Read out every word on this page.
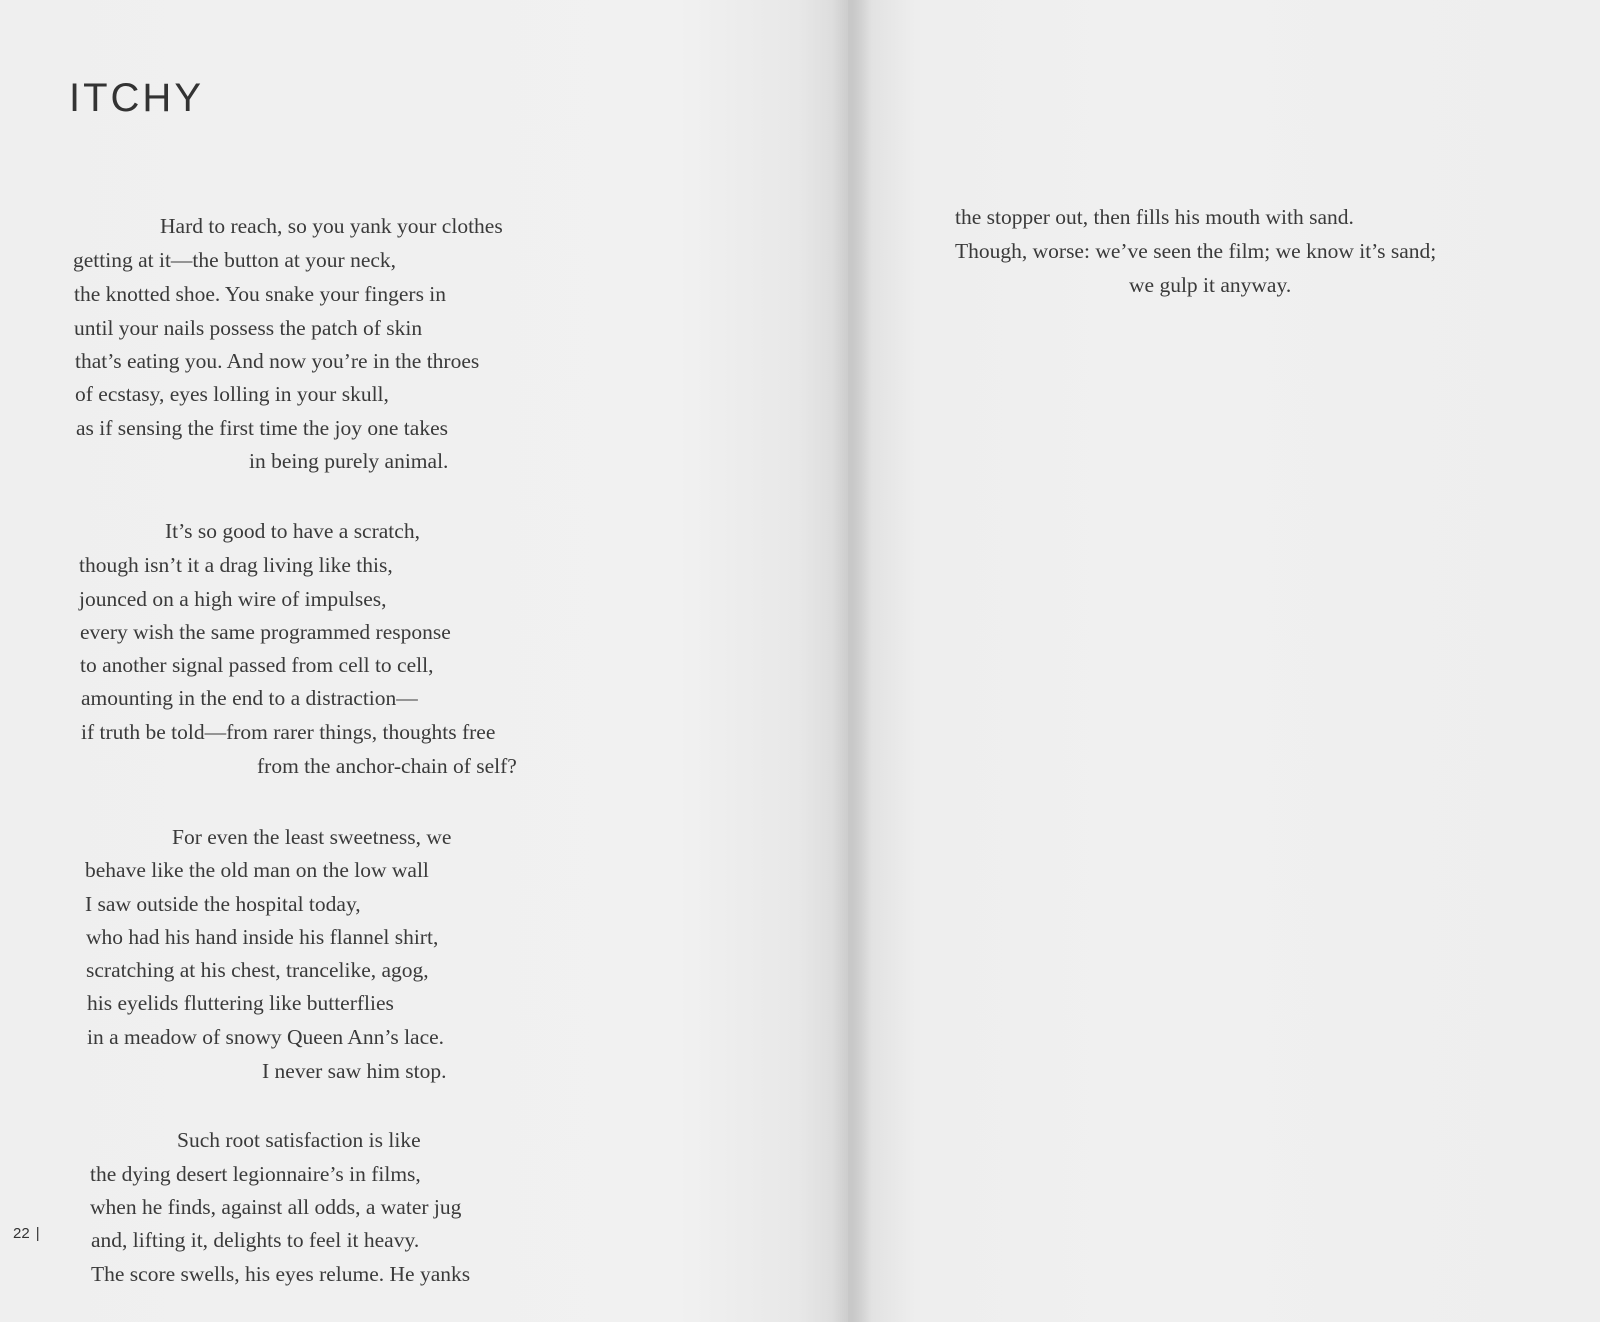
ITCHY
Hard to reach, so you yank your clothes
getting at it—the button at your neck,
the knotted shoe. You snake your fingers in
until your nails possess the patch of skin
that’s eating you. And now you’re in the throes
of ecstasy, eyes lolling in your skull,
as if sensing the first time the joy one takes
in being purely animal.
It’s so good to have a scratch,
though isn’t it a drag living like this,
jounced on a high wire of impulses,
every wish the same programmed response
to another signal passed from cell to cell,
amounting in the end to a distraction—
if truth be told—from rarer things, thoughts free
from the anchor-chain of self?
For even the least sweetness, we
behave like the old man on the low wall
I saw outside the hospital today,
who had his hand inside his flannel shirt,
scratching at his chest, trancelike, agog,
his eyelids fluttering like butterflies
in a meadow of snowy Queen Ann’s lace.
I never saw him stop.
Such root satisfaction is like
the dying desert legionnaire’s in films,
when he finds, against all odds, a water jug
and, lifting it, delights to feel it heavy.
The score swells, his eyes relume. He yanks
22 |
the stopper out, then fills his mouth with sand.
Though, worse: we’ve seen the film; we know it’s sand;
we gulp it anyway.
